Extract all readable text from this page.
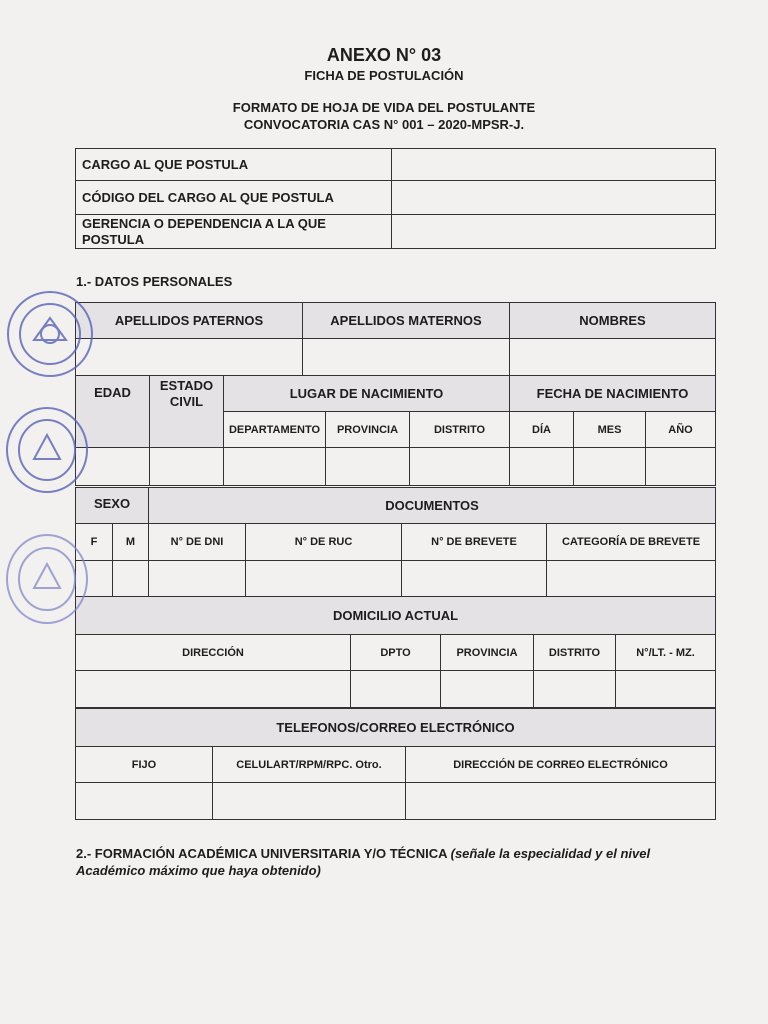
ANEXO N° 03
FICHA DE POSTULACIÓN
FORMATO DE HOJA DE VIDA DEL POSTULANTE
CONVOCATORIA CAS N° 001 – 2020-MPSR-J.
CARGO AL QUE POSTULA	
CÓDIGO DEL CARGO AL QUE POSTULA	
GERENCIA O DEPENDENCIA A LA QUE POSTULA	
1.- DATOS PERSONALES
APELLIDOS PATERNOS	APELLIDOS MATERNOS	NOMBRES

EDAD	ESTADO CIVIL	LUGAR DE NACIMIENTO			FECHA DE NACIMIENTO		
		DEPARTAMENTO	PROVINCIA	DISTRITO	DÍA	MES	AÑO

SEXO		DOCUMENTOS			
F	M	N° DE DNI	N° DE RUC	N° DE BREVETE	CATEGORÍA DE BREVETE

DOMICILIO ACTUAL				
DIRECCIÓN	DPTO	PROVINCIA	DISTRITO	N°/LT. - MZ.

TELEFONOS/CORREO ELECTRÓNICO		
FIJO	CELULART/RPM/RPC. Otro.	DIRECCIÓN DE CORREO ELECTRÓNICO

2.- FORMACIÓN ACADÉMICA UNIVERSITARIA Y/O TÉCNICA (señale la especialidad y el nivel Académico máximo que haya obtenido)
